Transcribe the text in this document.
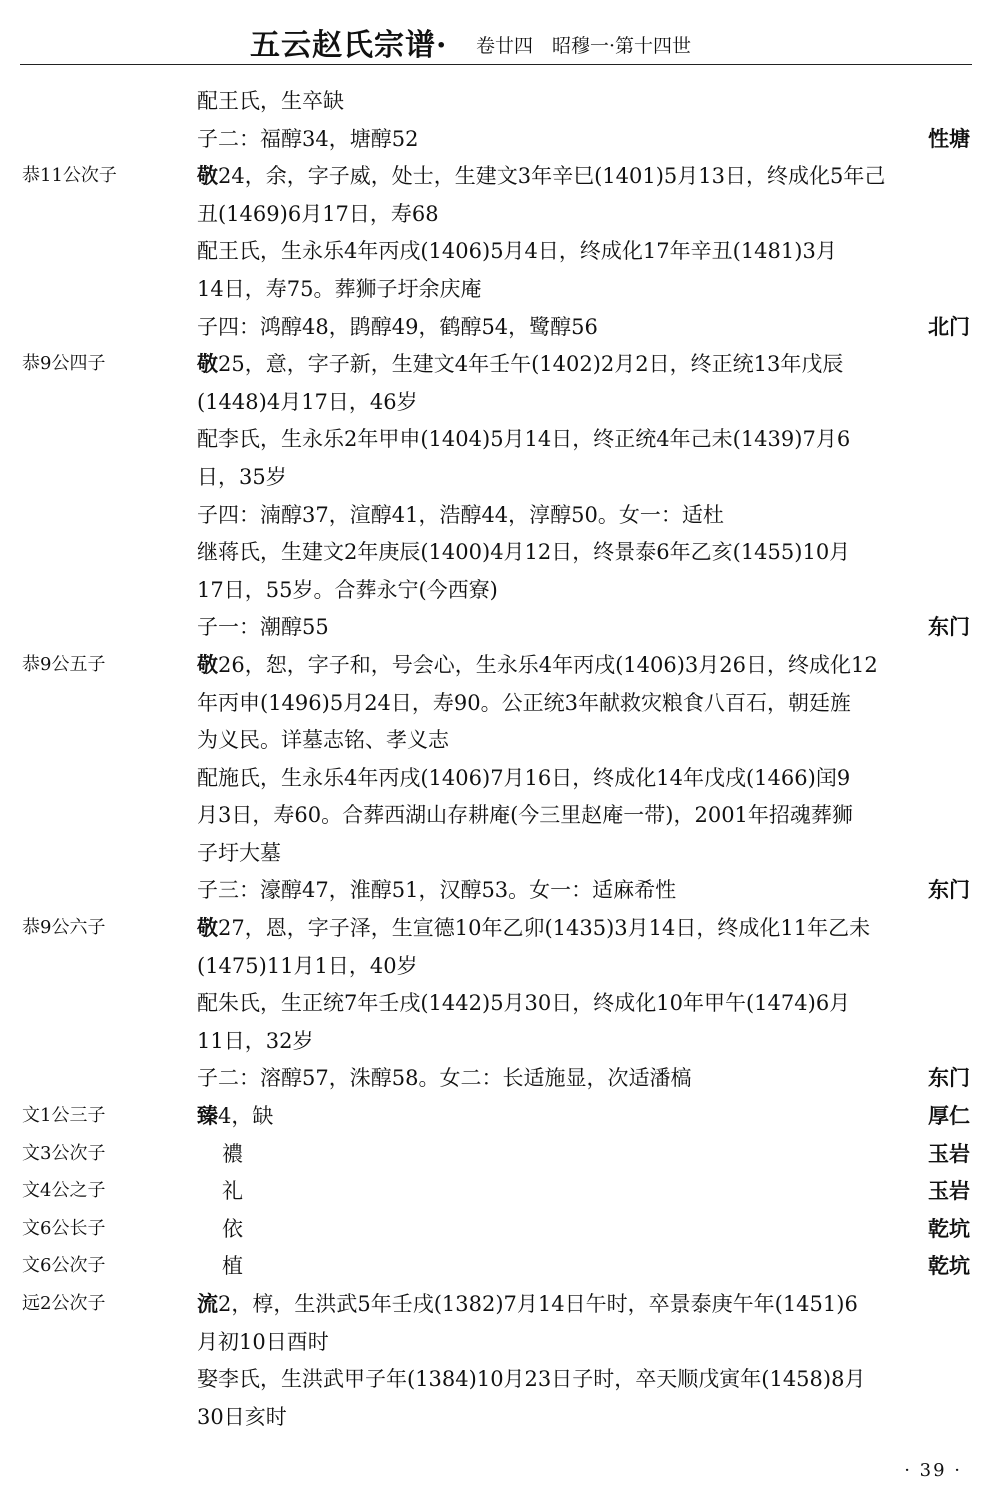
五云赵氏宗谱· 卷廿四　昭穆一·第十四世
配王氏，生卒缺
子二：福醇34，塘醇52	性塘
恭11公次子	敬24，余，字子威，处士，生建文3年辛巳(1401)5月13日，终成化5年己
丑(1469)6月17日，寿68
配王氏，生永乐4年丙戌(1406)5月4日，终成化17年辛丑(1481)3月
14日，寿75。葬狮子圩余庆庵
子四：鸿醇48，鹍醇49，鹤醇54，鹭醇56	北门
恭9公四子	敬25，意，字子新，生建文4年壬午(1402)2月2日，终正统13年戊辰
(1448)4月17日，46岁
配李氏，生永乐2年甲申(1404)5月14日，终正统4年己未(1439)7月6
日，35岁
子四：湳醇37，渲醇41，浩醇44，淳醇50。女一：适杜
继蒋氏，生建文2年庚辰(1400)4月12日，终景泰6年乙亥(1455)10月
17日，55岁。合葬永宁(今西寮)
子一：潮醇55	东门
恭9公五子	敬26，恕，字子和，号会心，生永乐4年丙戌(1406)3月26日，终成化12
年丙申(1496)5月24日，寿90。公正统3年献救灾粮食八百石，朝廷旌
为义民。详墓志铭、孝义志
配施氏，生永乐4年丙戌(1406)7月16日，终成化14年戊戌(1466)闰9
月3日，寿60。合葬西湖山存耕庵(今三里赵庵一带)，2001年招魂葬狮
子圩大墓
子三：濠醇47，淮醇51，汉醇53。女一：适麻希性	东门
恭9公六子	敬27，恩，字子泽，生宣德10年乙卯(1435)3月14日，终成化11年乙未
(1475)11月1日，40岁
配朱氏，生正统7年壬戌(1442)5月30日，终成化10年甲午(1474)6月
11日，32岁
子二：溶醇57，洙醇58。女二：长适施显，次适潘槁	东门
文1公三子	臻4，缺	厚仁
文3公次子	禯	玉岩
文4公之子	礼	玉岩
文6公长子	依	乾坑
文6公次子	植	乾坑
远2公次子	流2，椁，生洪武5年壬戌(1382)7月14日午时，卒景泰庚午年(1451)6
月初10日酉时
娶李氏，生洪武甲子年(1384)10月23日子时，卒天顺戊寅年(1458)8月
30日亥时
· 39 ·
